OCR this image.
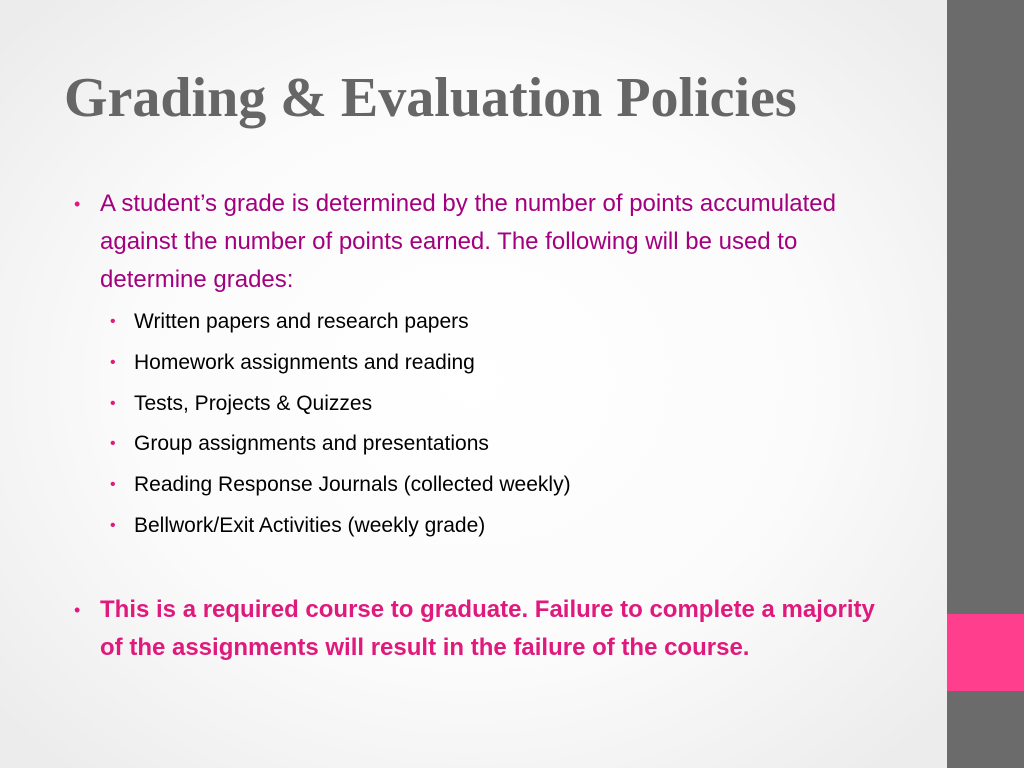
Grading & Evaluation Policies
• A student’s grade is determined by the number of points accumulated against the number of points earned. The following will be used to determine grades:
• Written papers and research papers
• Homework assignments and reading
• Tests, Projects & Quizzes
• Group assignments and presentations
• Reading Response Journals (collected weekly)
• Bellwork/Exit Activities (weekly grade)
• This is a required course to graduate. Failure to complete a majority of the assignments will result in the failure of the course.
